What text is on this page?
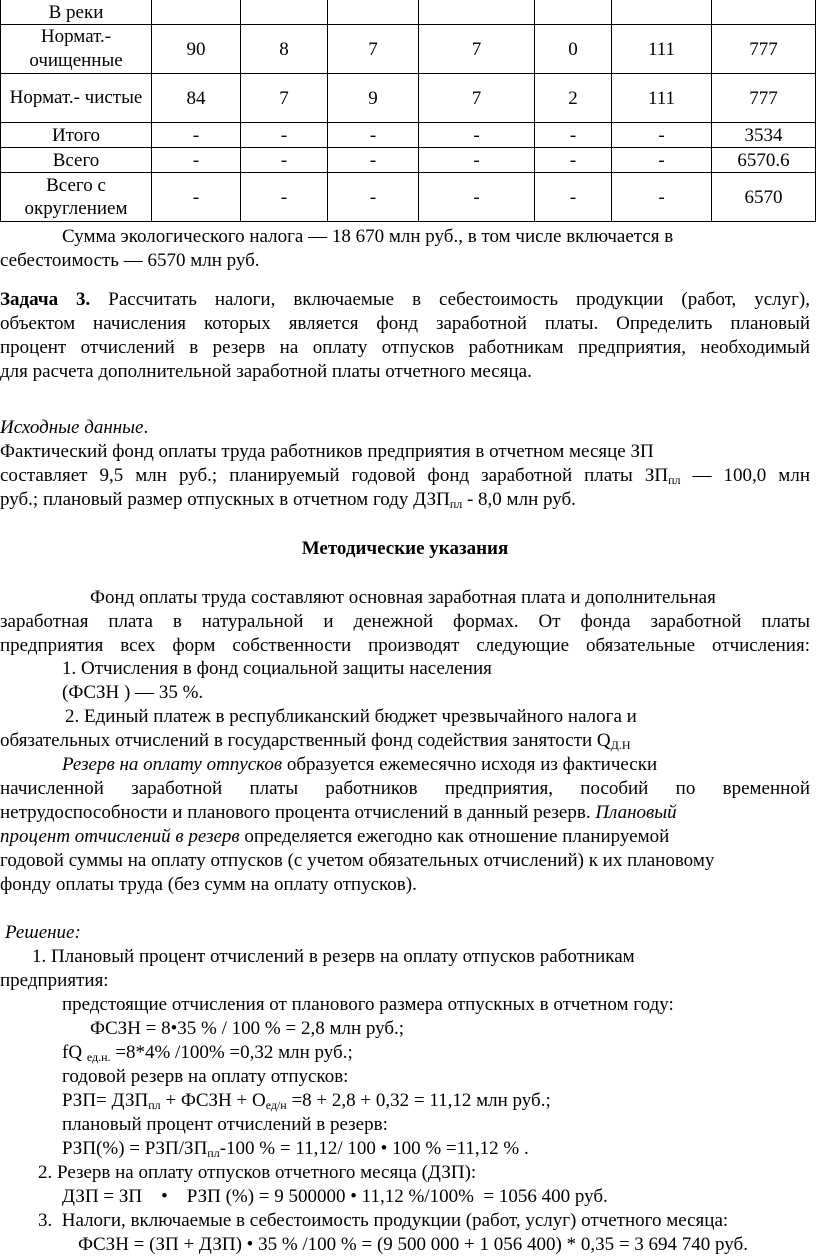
В реки							
Нормат.- очищенные	90	8	7	7	0	111	777
Нормат.- чистые	84	7	9	7	2	111	777
Итого	-	-	-	-	-	-	3534
Всего	-	-	-	-	-	-	6570.6
Всего с округлением	-	-	-	-	-	-	6570
Сумма экологического налога — 18 670 млн руб., в том числе включается в
себестоимость — 6570 млн руб.
Задача 3. Рассчитать налоги, включаемые в себестоимость продукции (работ, услуг),
объектом начисления которых является фонд заработной платы. Определить плановый
процент отчислений в резерв на оплату отпусков работникам предприятия, необходимый
для расчета дополнительной заработной платы отчетного месяца.
Исходные данные.
Фактический фонд оплаты труда работников предприятия в отчетном месяце ЗП
составляет 9,5 млн руб.; планируемый годовой фонд заработной платы $ЗП_{пл}$ — 100,0 млн
руб.; плановый размер отпускных в отчетном году $ДЗП_{пл} - 8,0$ млн руб.
Методические указания
Фонд оплаты труда составляют основная заработная плата и дополнительная
заработная плата в натуральной и денежной формах. От фонда заработной платы
предприятия всех форм собственности производят следующие обязательные отчисления:
1. Отчисления в фонд социальной защиты населения
(ФСЗН ) — 35 %.
2. Единый платеж в республиканский бюджет чрезвычайного налога и
обязательных отчислений в государственный фонд содействия занятости $Q_{Д.Н}$
Резерв на оплату отпусков образуется ежемесячно исходя из фактически
начисленной заработной платы работников предприятия, пособий по временной
нетрудоспособности и планового процента отчислений в данный резерв. Плановый
процент отчислений в резерв определяется ежегодно как отношение планируемой
годовой суммы на оплату отпусков (с учетом обязательных отчислений) к их плановому
фонду оплаты труда (без сумм на оплату отпусков).
Решение:
1. Плановый процент отчислений в резерв на оплату отпусков работникам
предприятия:
предстоящие отчисления от планового размера отпускных в отчетном году:
ФСЗН = 8•35 % / 100 % = 2,8 млн руб.;
fQ $_{ед.н.}$ =8*4% /100% =0,32 млн руб.;
годовой резерв на оплату отпусков:
$РЗП= ДЗП_{пл}$ + ФСЗН + $О_{ед/н} =8 + 2,8 + 0,32 = 11,12$ млн руб.;
плановый процент отчислений в резерв:
РЗП(%) = РЗП/$ЗП_{пл}-100$ % = 11,12/ 100 • 100 % =11,12 % .
2. Резерв на оплату отпусков отчетного месяца (ДЗП):
ДЗП = ЗП    •    РЗП (%) = 9 500000 • 11,12 %/100%  = 1056 400 руб.
3.  Налоги, включаемые в себестоимость продукции (работ, услуг) отчетного месяца:
ФСЗН = (ЗП + ДЗП) • 35 % /100 % = (9 500 000 + 1 056 400) * 0,35 = 3 694 740 руб.
